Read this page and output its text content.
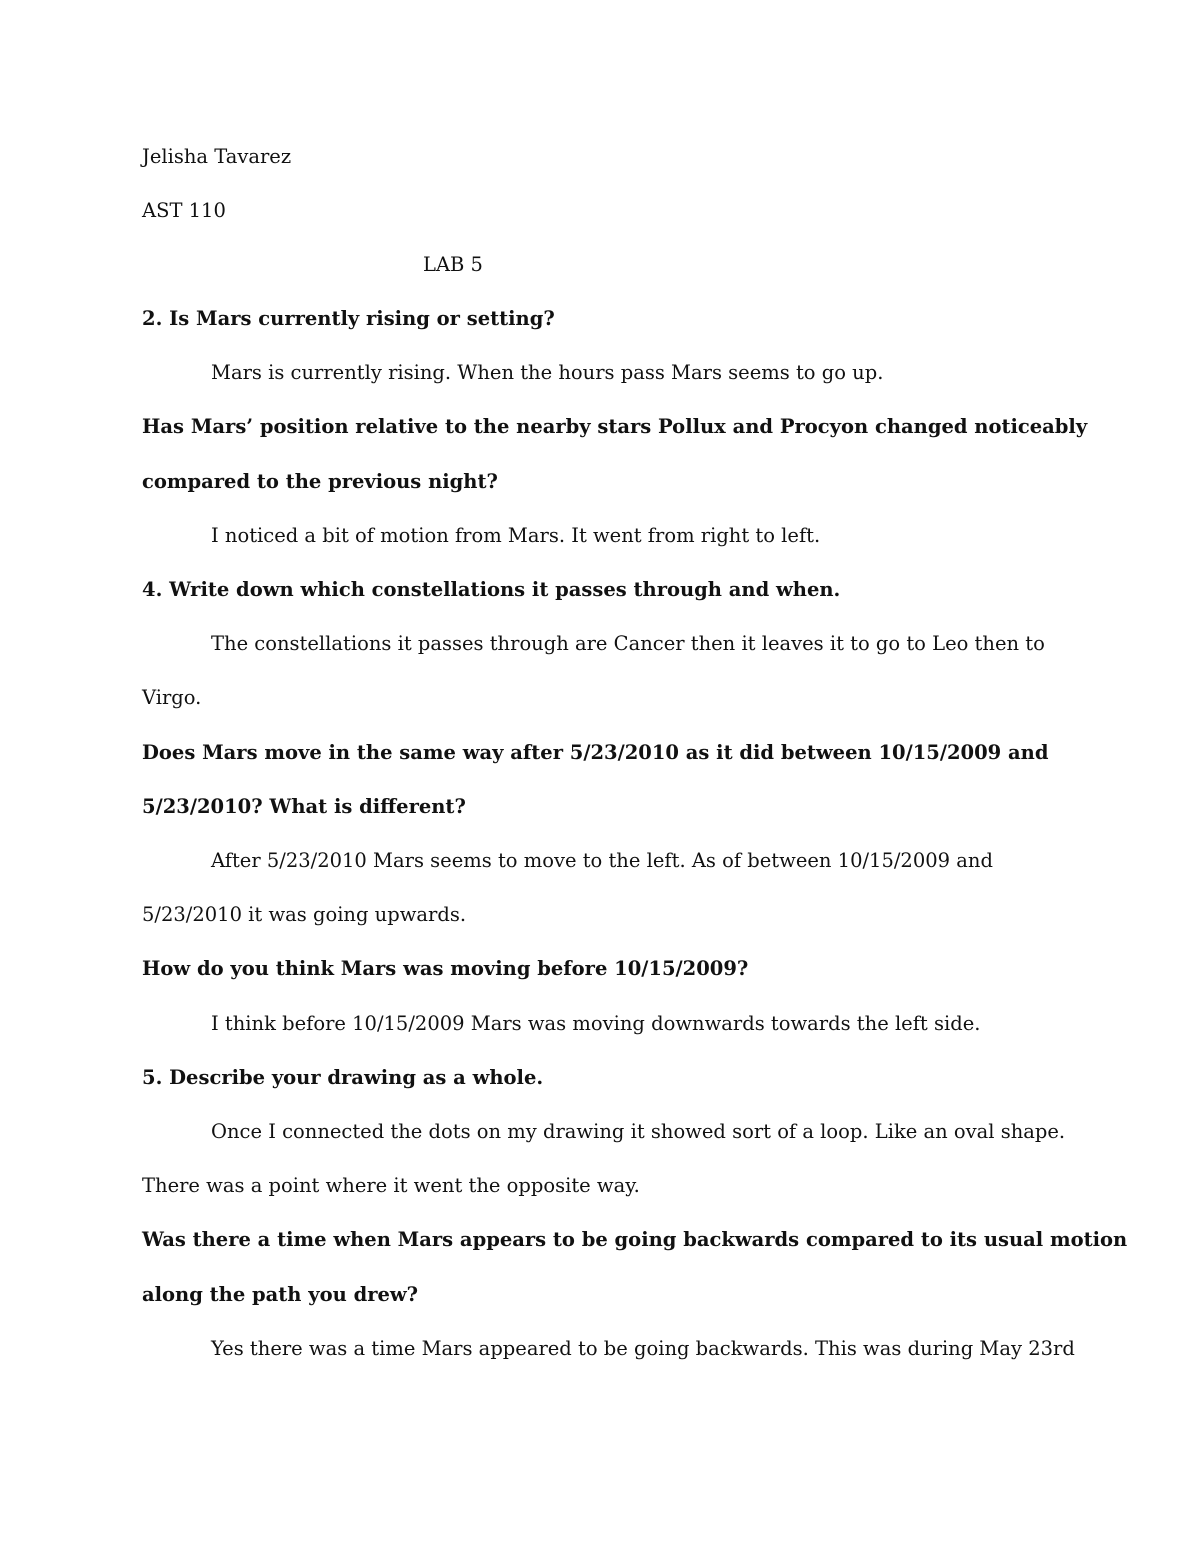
Jelisha Tavarez
AST 110
LAB 5
2. Is Mars currently rising or setting?
Mars is currently rising. When the hours pass Mars seems to go up.
Has Mars’ position relative to the nearby stars Pollux and Procyon changed noticeably
compared to the previous night?
I noticed a bit of motion from Mars. It went from right to left.
4. Write down which constellations it passes through and when.
The constellations it passes through are Cancer then it leaves it to go to Leo then to
Virgo.
Does Mars move in the same way after 5/23/2010 as it did between 10/15/2009 and
5/23/2010? What is different?
After 5/23/2010 Mars seems to move to the left. As of between 10/15/2009 and
5/23/2010 it was going upwards.
How do you think Mars was moving before 10/15/2009?
I think before 10/15/2009 Mars was moving downwards towards the left side.
5. Describe your drawing as a whole.
Once I connected the dots on my drawing it showed sort of a loop. Like an oval shape.
There was a point where it went the opposite way.
Was there a time when Mars appears to be going backwards compared to its usual motion
along the path you drew?
Yes there was a time Mars appeared to be going backwards. This was during May 23rd
